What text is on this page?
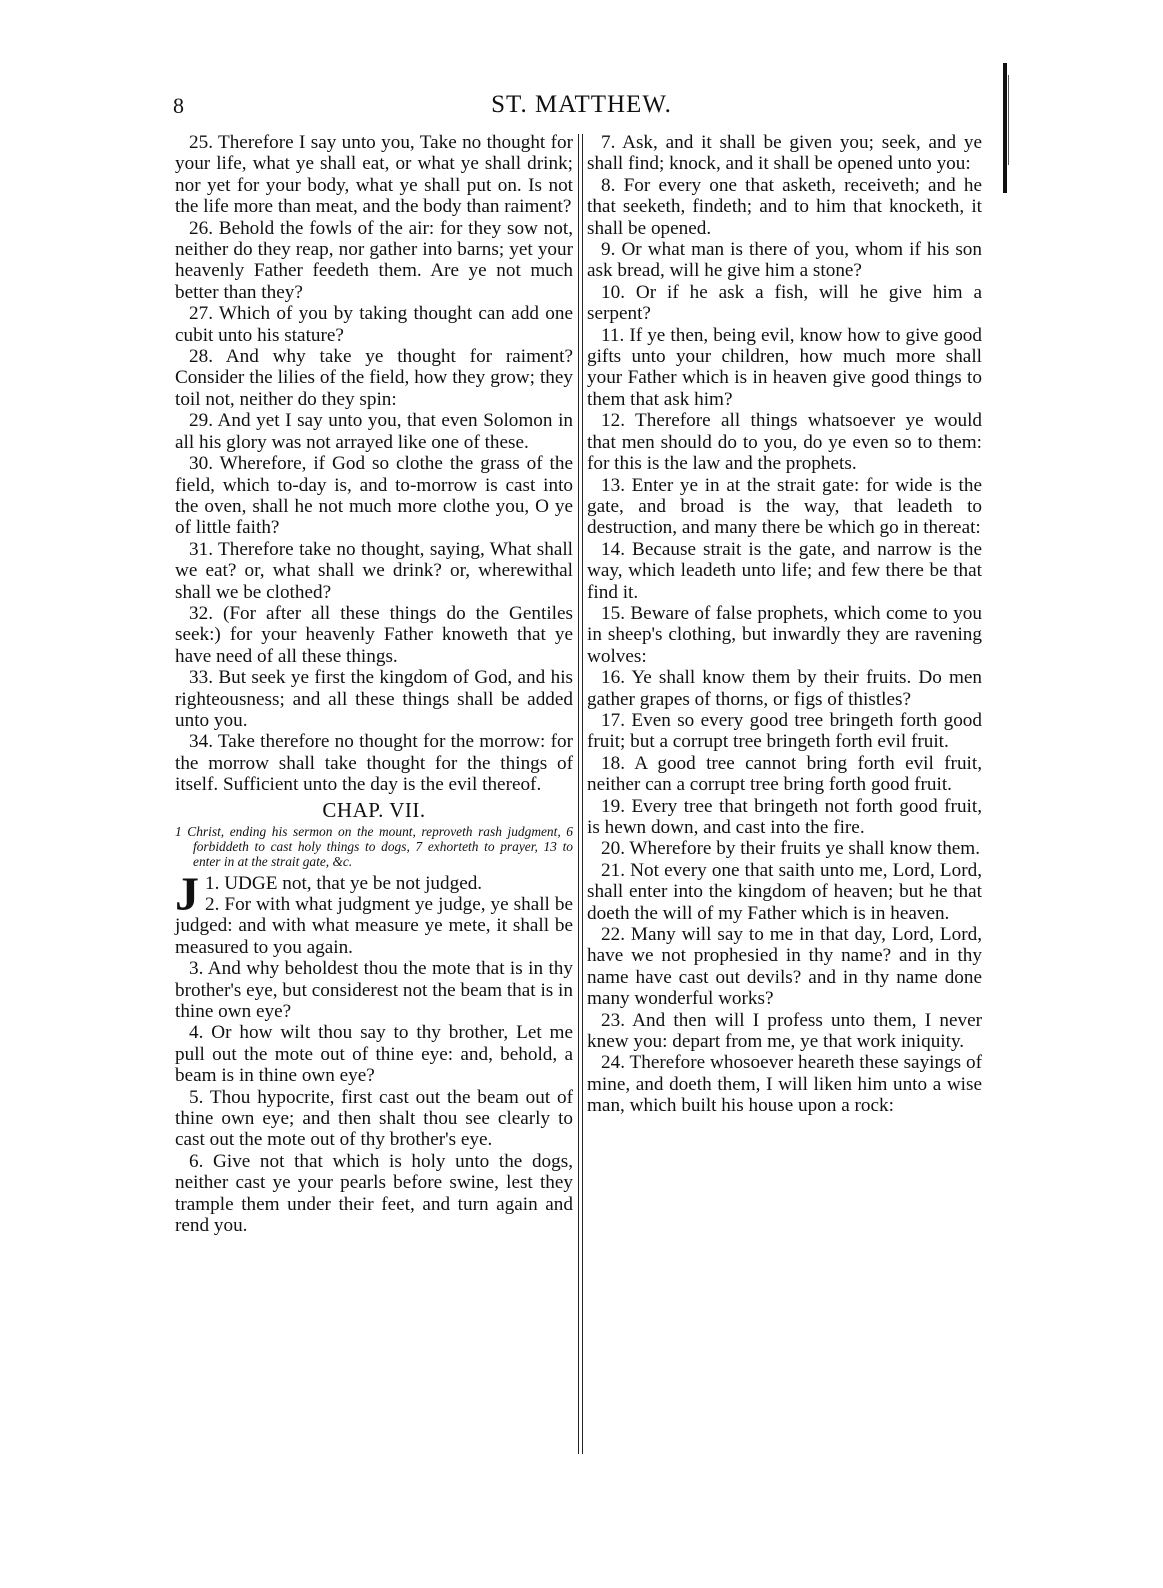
8	ST. MATTHEW.

25. Therefore I say unto you, Take no thought for your life, what ye shall eat, or what ye shall drink; nor yet for your body, what ye shall put on. Is not the life more than meat, and the body than raiment?

26. Behold the fowls of the air: for they sow not, neither do they reap, nor gather into barns; yet your heavenly Father feedeth them. Are ye not much better than they?

27. Which of you by taking thought can add one cubit unto his stature?

28. And why take ye thought for raiment? Consider the lilies of the field, how they grow; they toil not, neither do they spin:

29. And yet I say unto you, that even Solomon in all his glory was not arrayed like one of these.

30. Wherefore, if God so clothe the grass of the field, which to-day is, and to-morrow is cast into the oven, shall he not much more clothe you, O ye of little faith?

31. Therefore take no thought, saying, What shall we eat? or, what shall we drink? or, wherewithal shall we be clothed?

32. (For after all these things do the Gentiles seek:) for your heavenly Father knoweth that ye have need of all these things.

33. But seek ye first the kingdom of God, and his righteousness; and all these things shall be added unto you.

34. Take therefore no thought for the morrow: for the morrow shall take thought for the things of itself. Sufficient unto the day is the evil thereof.

CHAP. VII.

1 Christ, ending his sermon on the mount, reproveth rash judgment, 6 forbiddeth to cast holy things to dogs, 7 exhorteth to prayer, 13 to enter in at the strait gate, &c.

1.
J UDGE not, that ye be not judged.
2. For with what judgment ye judge, ye shall be judged: and with what measure ye mete, it shall be measured to you again.

3. And why beholdest thou the mote that is in thy brother's eye, but considerest not the beam that is in thine own eye?

4. Or how wilt thou say to thy brother, Let me pull out the mote out of thine eye: and, behold, a beam is in thine own eye?

5. Thou hypocrite, first cast out the beam out of thine own eye; and then shalt thou see clearly to cast out the mote out of thy brother's eye.

6. Give not that which is holy unto the dogs, neither cast ye your pearls before swine, lest they trample them under their feet, and turn again and rend you.

7. Ask, and it shall be given you; seek, and ye shall find; knock, and it shall be opened unto you:

8. For every one that asketh, receiveth; and he that seeketh, findeth; and to him that knocketh, it shall be opened.

9. Or what man is there of you, whom if his son ask bread, will he give him a stone?

10. Or if he ask a fish, will he give him a serpent?

11. If ye then, being evil, know how to give good gifts unto your children, how much more shall your Father which is in heaven give good things to them that ask him?

12. Therefore all things whatsoever ye would that men should do to you, do ye even so to them: for this is the law and the prophets.

13. Enter ye in at the strait gate: for wide is the gate, and broad is the way, that leadeth to destruction, and many there be which go in thereat:

14. Because strait is the gate, and narrow is the way, which leadeth unto life; and few there be that find it.

15. Beware of false prophets, which come to you in sheep's clothing, but inwardly they are ravening wolves:

16. Ye shall know them by their fruits. Do men gather grapes of thorns, or figs of thistles?

17. Even so every good tree bringeth forth good fruit; but a corrupt tree bringeth forth evil fruit.

18. A good tree cannot bring forth evil fruit, neither can a corrupt tree bring forth good fruit.

19. Every tree that bringeth not forth good fruit, is hewn down, and cast into the fire.

20. Wherefore by their fruits ye shall know them.

21. Not every one that saith unto me, Lord, Lord, shall enter into the kingdom of heaven; but he that doeth the will of my Father which is in heaven.

22. Many will say to me in that day, Lord, Lord, have we not prophesied in thy name? and in thy name have cast out devils? and in thy name done many wonderful works?

23. And then will I profess unto them, I never knew you: depart from me, ye that work iniquity.

24. Therefore whosoever heareth these sayings of mine, and doeth them, I will liken him unto a wise man, which built his house upon a rock:
